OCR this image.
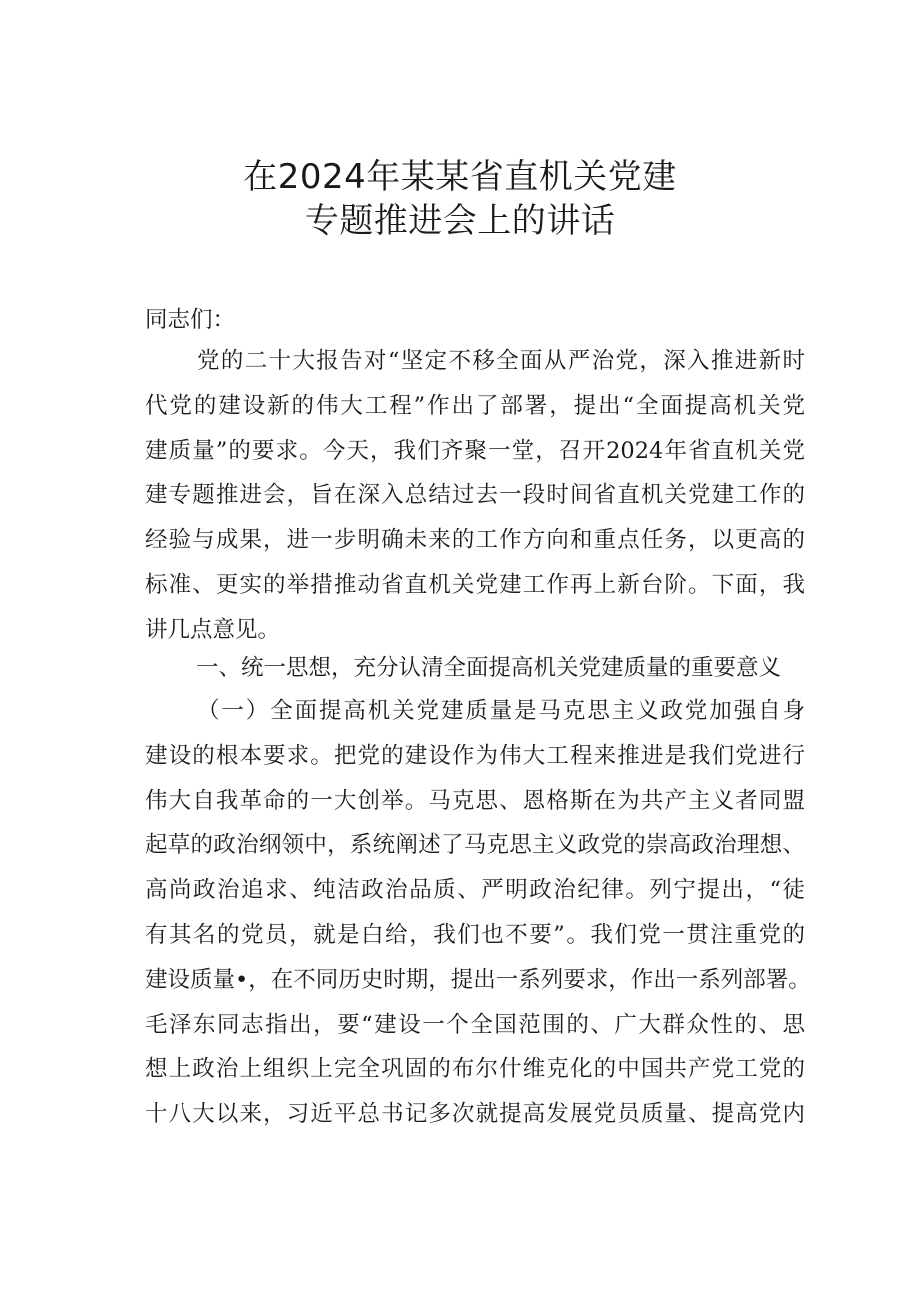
在2024年某某省直机关党建
专题推进会上的讲话
同志们：
党的二十大报告对“坚定不移全面从严治党，深入推进新时
代党的建设新的伟大工程”作出了部署，提出“全面提高机关党
建质量”的要求。今天，我们齐聚一堂，召开2024年省直机关党
建专题推进会，旨在深入总结过去一段时间省直机关党建工作的
经验与成果，进一步明确未来的工作方向和重点任务，以更高的
标准、更实的举措推动省直机关党建工作再上新台阶。下面，我
讲几点意见。
一、统一思想，充分认清全面提高机关党建质量的重要意义
（一）全面提高机关党建质量是马克思主义政党加强自身
建设的根本要求。把党的建设作为伟大工程来推进是我们党进行
伟大自我革命的一大创举。马克思、恩格斯在为共产主义者同盟
起草的政治纲领中，系统阐述了马克思主义政党的崇高政治理想、
高尚政治追求、纯洁政治品质、严明政治纪律。列宁提出，“徒
有其名的党员，就是白给，我们也不要”。我们党一贯注重党的
建设质量•，在不同历史时期，提出一系列要求，作出一系列部署。
毛泽东同志指出，要“建设一个全国范围的、广大群众性的、思
想上政治上组织上完全巩固的布尔什维克化的中国共产党工党的
十八大以来，习近平总书记多次就提高发展党员质量、提高党内
